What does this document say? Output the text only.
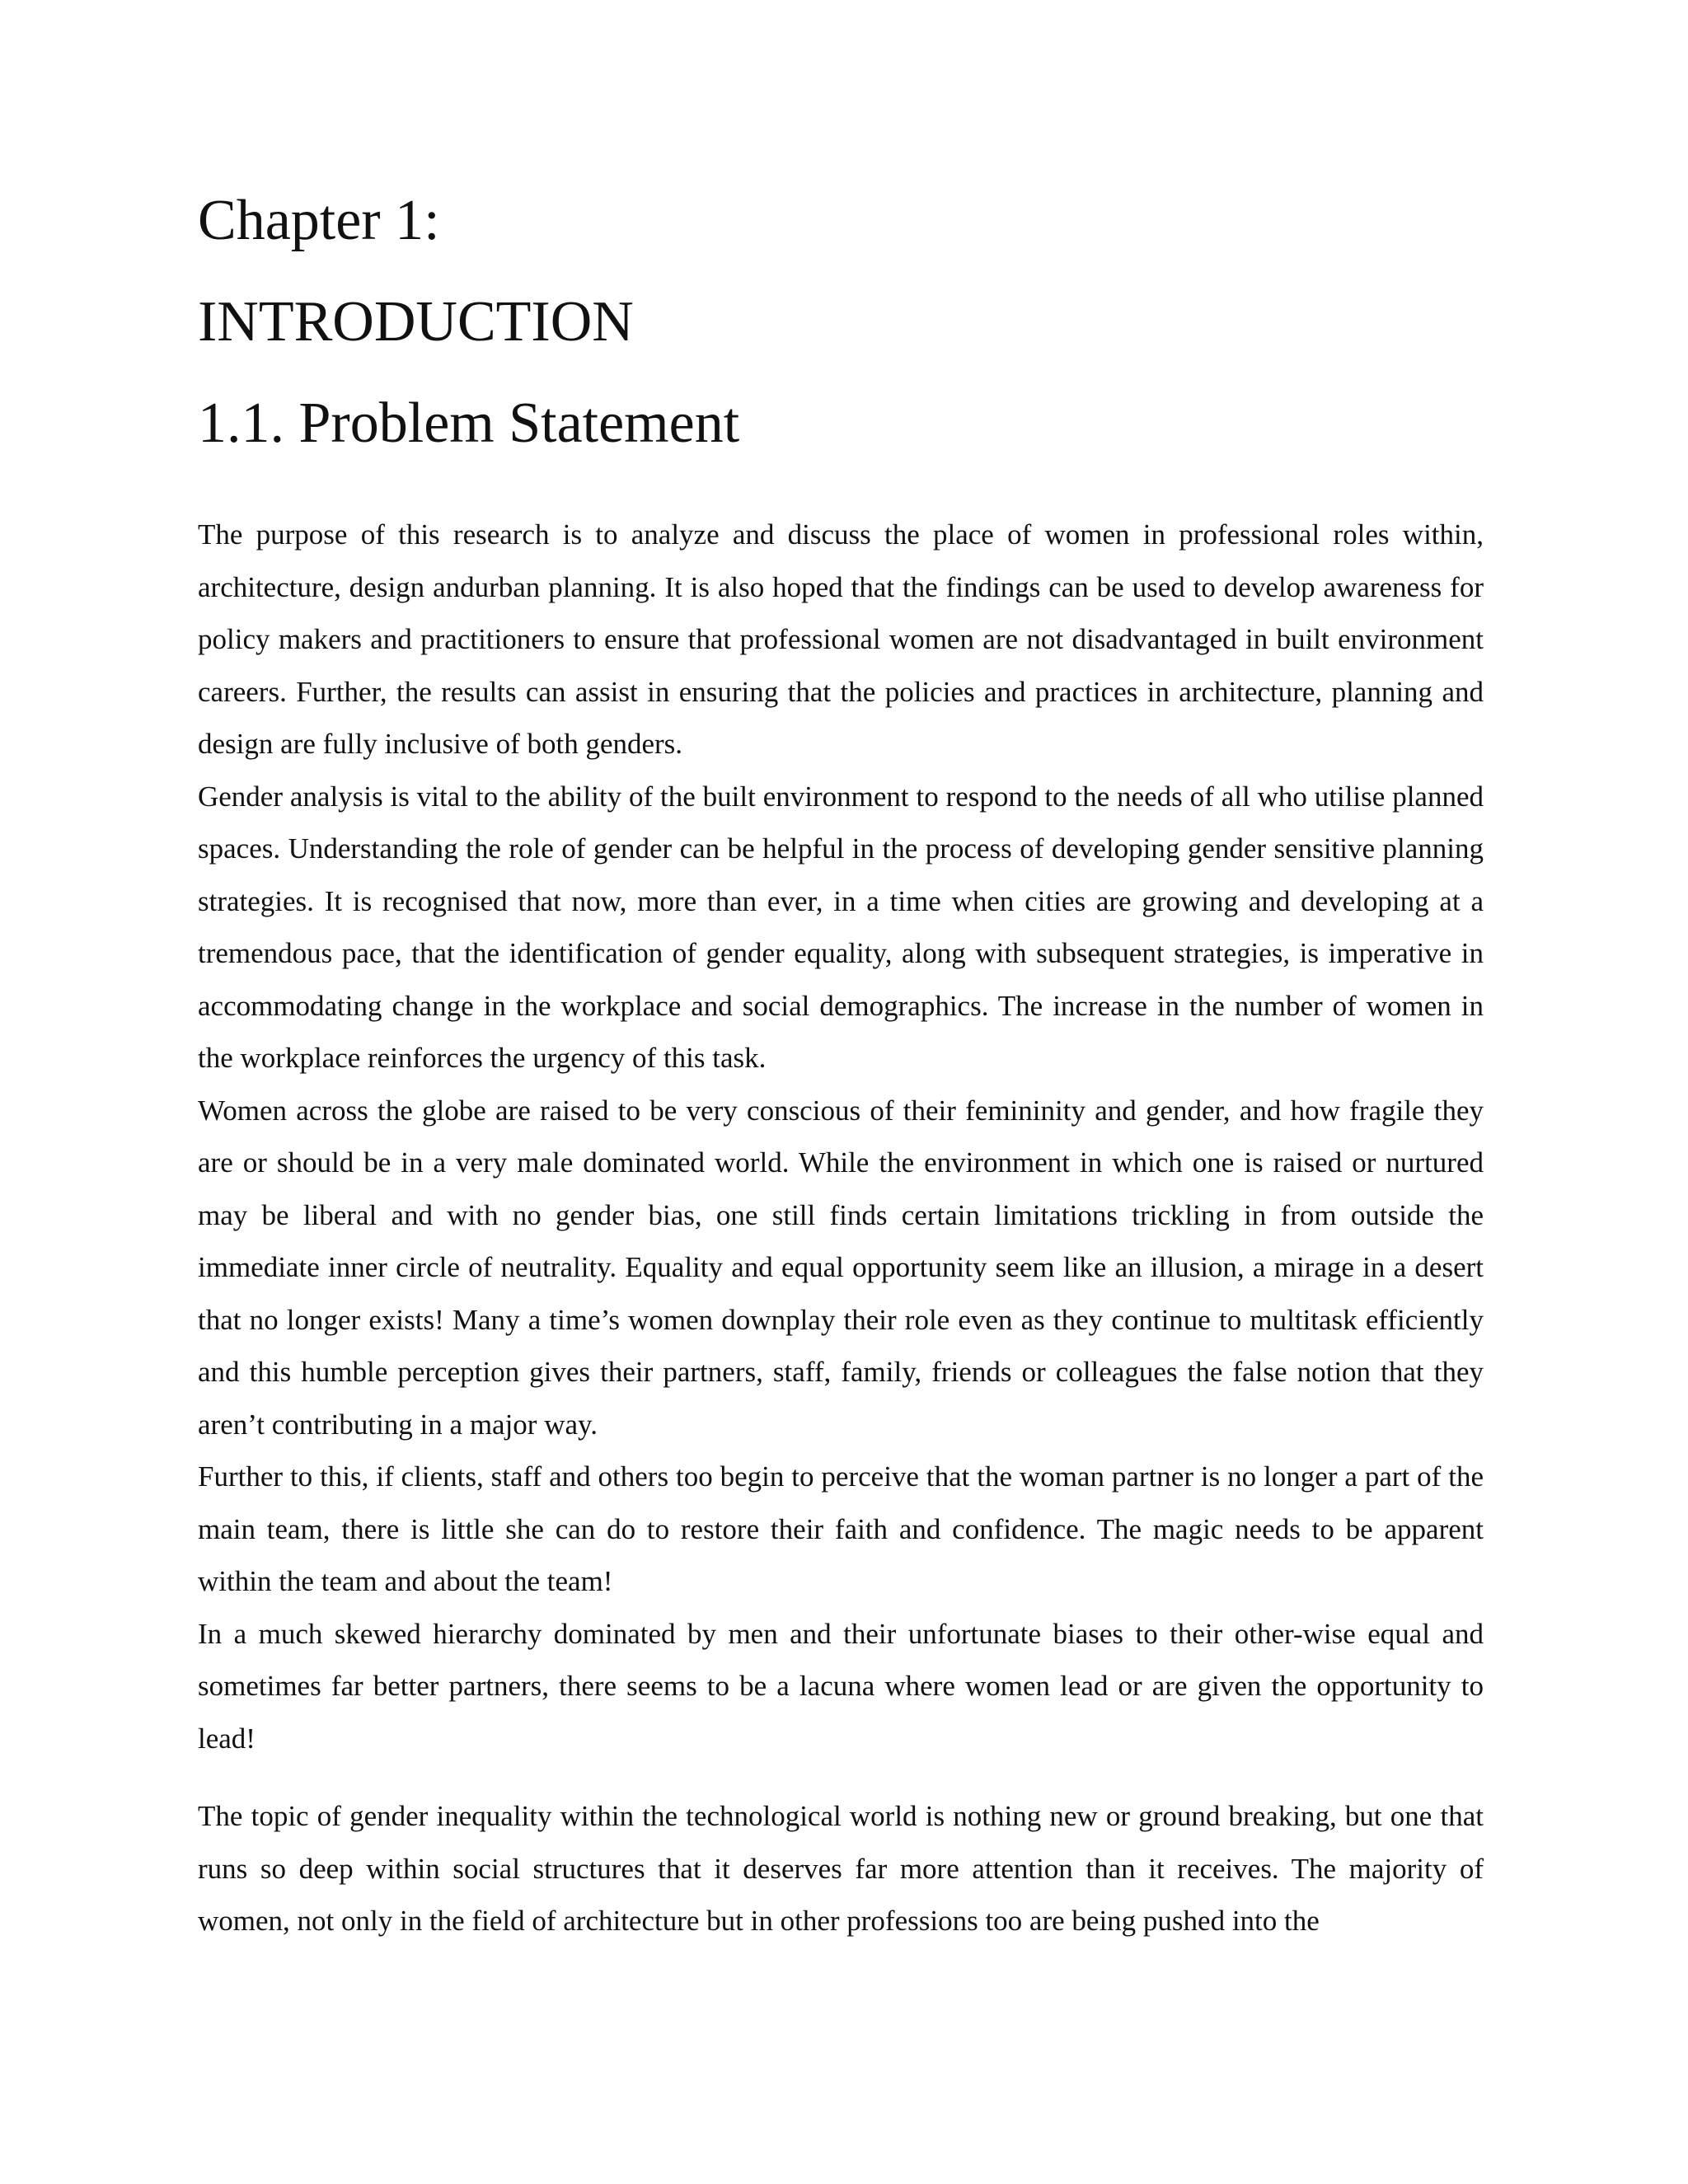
Chapter 1:
INTRODUCTION
1.1. Problem Statement

The purpose of this research is to analyze and discuss the place of women in professional roles within, architecture, design andurban planning. It is also hoped that the findings can be used to develop awareness for policy makers and practitioners to ensure that professional women are not disadvantaged in built environment careers. Further, the results can assist in ensuring that the policies and practices in architecture, planning and design are fully inclusive of both genders.

Gender analysis is vital to the ability of the built environment to respond to the needs of all who utilise planned spaces. Understanding the role of gender can be helpful in the process of developing gender sensitive planning strategies. It is recognised that now, more than ever, in a time when cities are growing and developing at a tremendous pace, that the identification of gender equality, along with subsequent strategies, is imperative in accommodating change in the workplace and social demographics. The increase in the number of women in the workplace reinforces the urgency of this task.

Women across the globe are raised to be very conscious of their femininity and gender, and how fragile they are or should be in a very male dominated world. While the environment in which one is raised or nurtured may be liberal and with no gender bias, one still finds certain limitations trickling in from outside the immediate inner circle of neutrality. Equality and equal opportunity seem like an illusion, a mirage in a desert that no longer exists! Many a time’s women downplay their role even as they continue to multitask efficiently and this humble perception gives their partners, staff, family, friends or colleagues the false notion that they aren’t contributing in a major way.

Further to this, if clients, staff and others too begin to perceive that the woman partner is no longer a part of the main team, there is little she can do to restore their faith and confidence. The magic needs to be apparent within the team and about the team!

In a much skewed hierarchy dominated by men and their unfortunate biases to their other-wise equal and sometimes far better partners, there seems to be a lacuna where women lead or are given the opportunity to lead!

The topic of gender inequality within the technological world is nothing new or ground breaking, but one that runs so deep within social structures that it deserves far more attention than it receives. The majority of women, not only in the field of architecture but in other professions too are being pushed into the
